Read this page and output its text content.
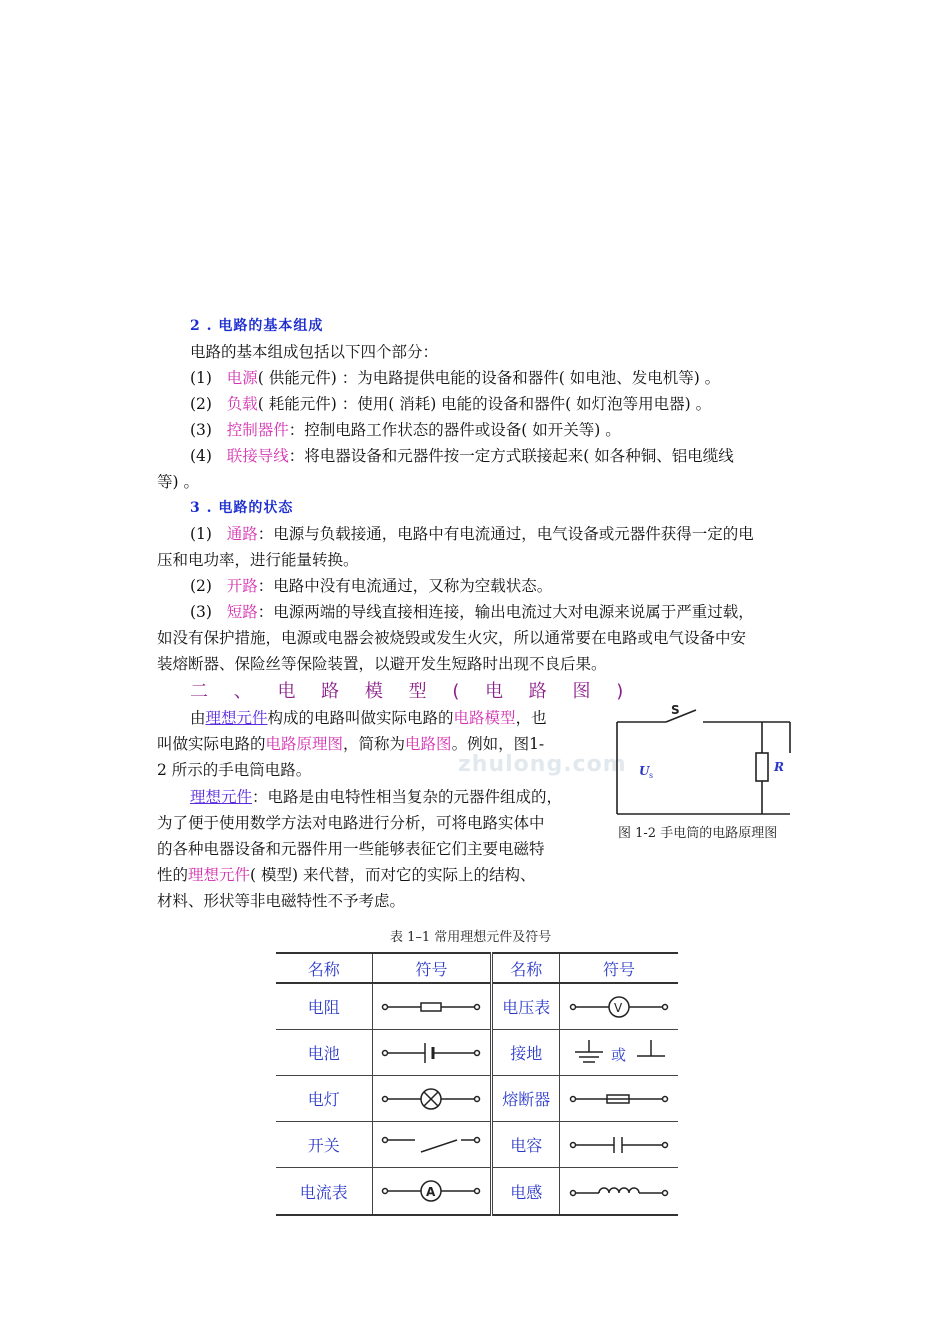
2 . 电路的基本组成
电路的基本组成包括以下四个部分：
(1) 电源( 供能元件) ：为电路提供电能的设备和器件( 如电池、发电机等) 。
(2) 负载( 耗能元件) ：使用( 消耗) 电能的设备和器件( 如灯泡等用电器) 。
(3) 控制器件：控制电路工作状态的器件或设备( 如开关等) 。
(4) 联接导线：将电器设备和元器件按一定方式联接起来( 如各种铜、铝电缆线
等) 。
3 . 电路的状态
(1) 通路：电源与负载接通，电路中有电流通过，电气设备或元器件获得一定的电
压和电功率，进行能量转换。
(2) 开路：电路中没有电流通过，又称为空载状态。
(3) 短路：电源两端的导线直接相连接，输出电流过大对电源来说属于严重过载，
如没有保护措施，电源或电器会被烧毁或发生火灾，所以通常要在电路或电气设备中安
装熔断器、保险丝等保险装置，以避开发生短路时出现不良后果。
二 、 电 路 模 型 ( 电 路 图 )
由理想元件构成的电路叫做实际电路的电路模型，也
叫做实际电路的电路原理图，简称为电路图。例如，图1-
2 所示的手电筒电路。
理想元件：电路是由电特性相当复杂的元器件组成的，
为了便于使用数学方法对电路进行分析，可将电路实体中
的各种电器设备和元器件用一些能够表征它们主要电磁特
性的理想元件( 模型) 来代替，而对它的实际上的结构、
材料、形状等非电磁特性不予考虑。
zhulong.com
S
U s
R
图 1-2 手电筒的电路原理图
表 1–1 常用理想元件及符号
名称	符号	名称	符号
电阻		电压表	V

电池		接地	或

电灯		熔断器	

开关		电容	

电流表	A	电感	
